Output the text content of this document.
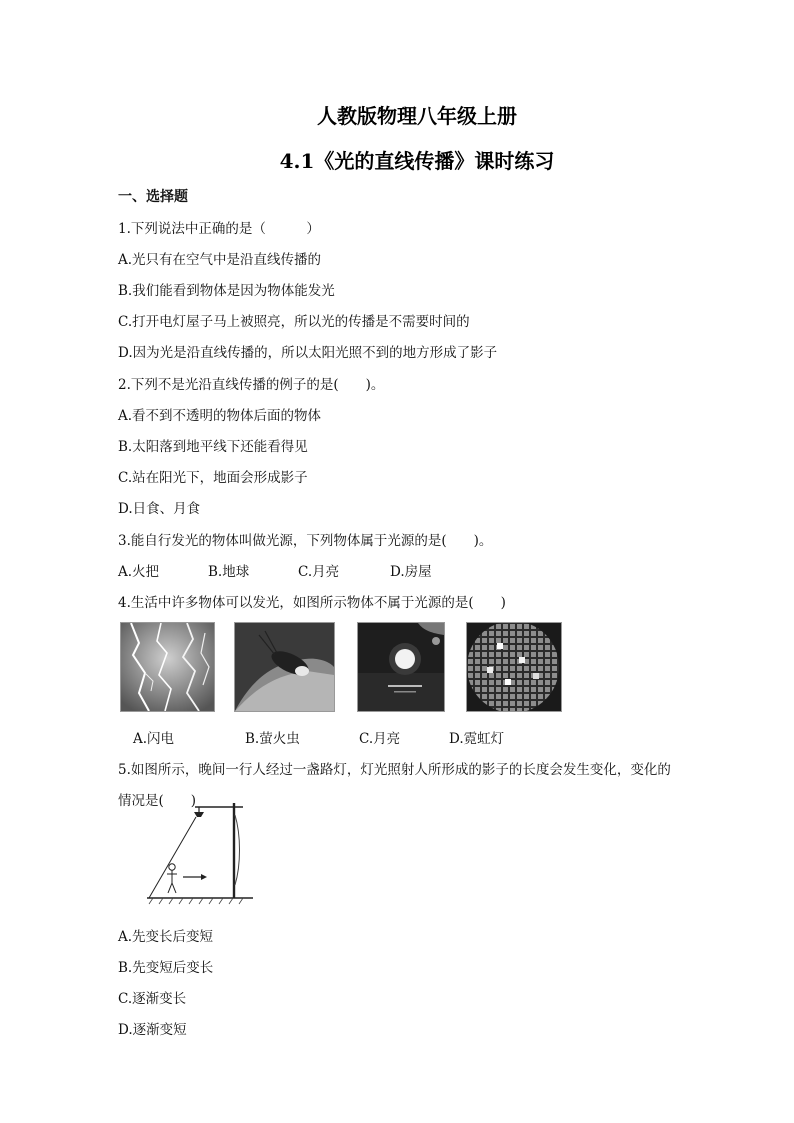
人教版物理八年级上册
4.1《光的直线传播》课时练习
一、选择题
1.下列说法中正确的是（　　　）
A.光只有在空气中是沿直线传播的
B.我们能看到物体是因为物体能发光
C.打开电灯屋子马上被照亮，所以光的传播是不需要时间的
D.因为光是沿直线传播的，所以太阳光照不到的地方形成了影子
2.下列不是光沿直线传播的例子的是(　　)。
A.看不到不透明的物体后面的物体
B.太阳落到地平线下还能看得见
C.站在阳光下，地面会形成影子
D.日食、月食
3.能自行发光的物体叫做光源，下列物体属于光源的是(　　)。
A.火把	B.地球	C.月亮	D.房屋
4.生活中许多物体可以发光，如图所示物体不属于光源的是(　　)
A.闪电	B.萤火虫	C.月亮	D.霓虹灯
5.如图所示，晚间一行人经过一盏路灯，灯光照射人所形成的影子的长度会发生变化，变化的
情况是(　　)
A.先变长后变短
B.先变短后变长
C.逐渐变长
D.逐渐变短
